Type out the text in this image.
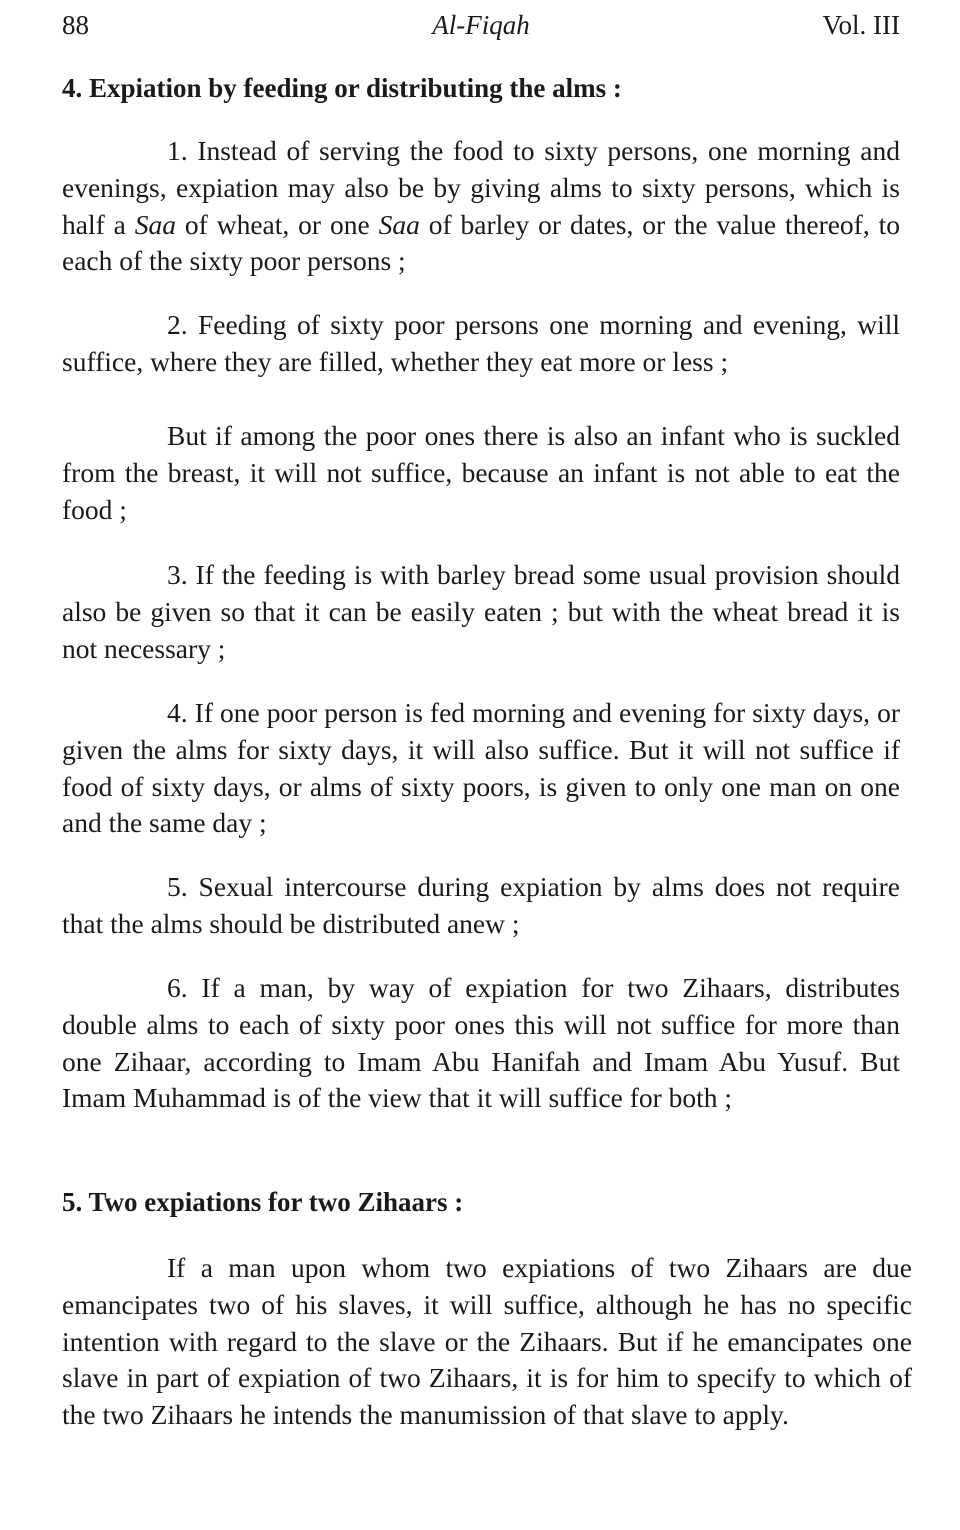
88	Al-Fiqah	Vol. III
4. Expiation by feeding or distributing the alms :

1. Instead of serving the food to sixty persons, one morning and evenings, expiation may also be by giving alms to sixty persons, which is half a Saa of wheat, or one Saa of barley or dates, or the value thereof, to each of the sixty poor persons ;

2. Feeding of sixty poor persons one morning and evening, will suffice, where they are filled, whether they eat more or less ;

But if among the poor ones there is also an infant who is suckled from the breast, it will not suffice, because an infant is not able to eat the food ;

3. If the feeding is with barley bread some usual provision should also be given so that it can be easily eaten ; but with the wheat bread it is not necessary ;

4. If one poor person is fed morning and evening for sixty days, or given the alms for sixty days, it will also suffice. But it will not suffice if food of sixty days, or alms of sixty poors, is given to only one man on one and the same day ;

5. Sexual intercourse during expiation by alms does not require that the alms should be distributed anew ;

6. If a man, by way of expiation for two Zihaars, distributes double alms to each of sixty poor ones this will not suffice for more than one Zihaar, according to Imam Abu Hanifah and Imam Abu Yusuf. But Imam Muhammad is of the view that it will suffice for both ;

5. Two expiations for two Zihaars :

If a man upon whom two expiations of two Zihaars are due emancipates two of his slaves, it will suffice, although he has no specific intention with regard to the slave or the Zihaars. But if he emancipates one slave in part of expiation of two Zihaars, it is for him to specify to which of the two Zihaars he intends the manumission of that slave to apply.
